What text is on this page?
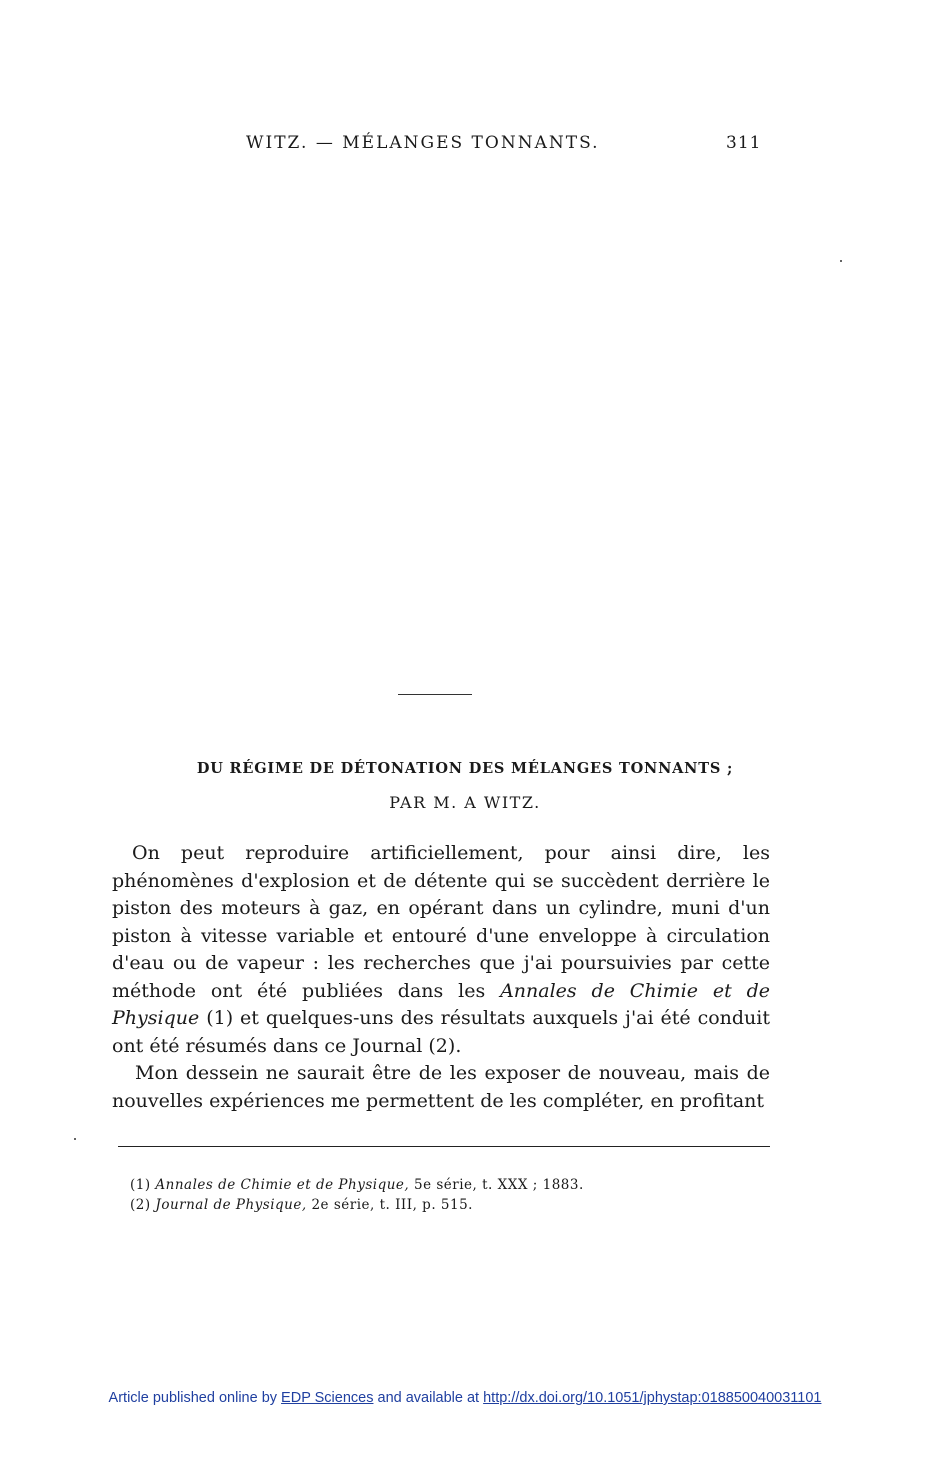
WITZ. — MÉLANGES TONNANTS.	311
DU RÉGIME DE DÉTONATION DES MÉLANGES TONNANTS ;
PAR M. A WITZ.

On peut reproduire artificiellement, pour ainsi dire, les phénomènes d'explosion et de détente qui se succèdent derrière le piston des moteurs à gaz, en opérant dans un cylindre, muni d'un piston à vitesse variable et entouré d'une enveloppe à circulation d'eau ou de vapeur : les recherches que j'ai poursuivies par cette méthode ont été publiées dans les Annales de Chimie et de Physique (1) et quelques-uns des résultats auxquels j'ai été conduit ont été résumés dans ce Journal (2).

Mon dessein ne saurait être de les exposer de nouveau, mais de nouvelles expériences me permettent de les compléter, en profitant

(1) Annales de Chimie et de Physique, 5e série, t. XXX ; 1883.
(2) Journal de Physique, 2e série, t. III, p. 515.
Article published online by EDP Sciences and available at http://dx.doi.org/10.1051/jphystap:018850040031101
